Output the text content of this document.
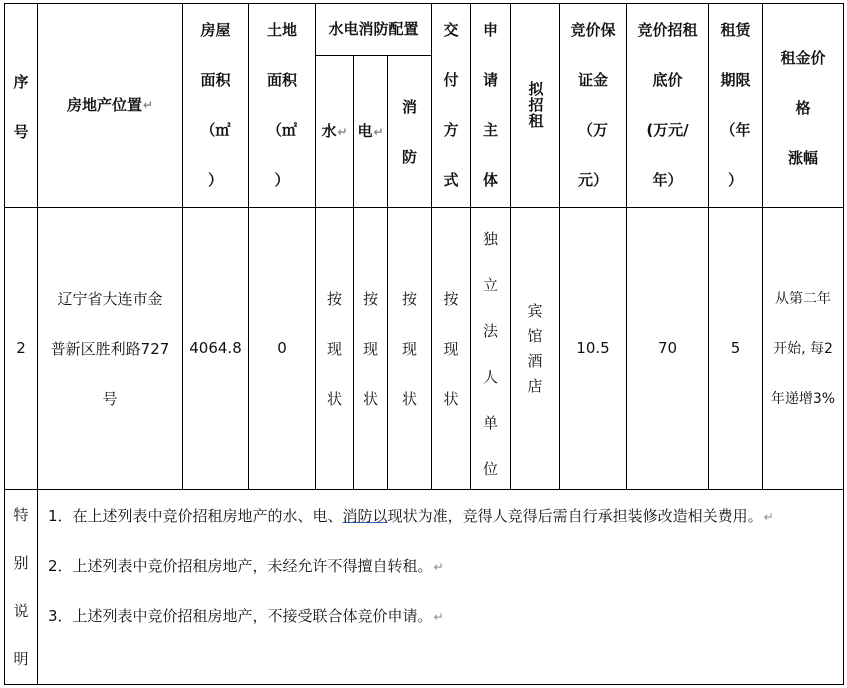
序
号
房地产位置 ↵
房屋
面积
（㎡
）
土地
面积
（㎡
）
水电消防配置
水 ↵ 电 ↵
消
防
交
付
方
式
申
请
主
体
拟招租
竞价保
证金
（万
元）
竞价招租
底价
(万元/
年）
租赁
期限
（年
）
租金价
格
涨幅
2
辽宁省大连市金
普新区胜利路727
号
4064.8 0
按
现
状
按
现
状
按
现
状
按
现
状
独
立
法
人
单
位
宾
馆
酒
店
10.5	70	5
从第二年
开始, 每2
年递增3%
特
别
说
明
1．在上述列表中竞价招租房地产的水、电、消防以现状为准，竞得人竞得后需自行承担装修改造相关费用。↵
2．上述列表中竞价招租房地产，未经允许不得擅自转租。↵
3．上述列表中竞价招租房地产，不接受联合体竞价申请。↵
